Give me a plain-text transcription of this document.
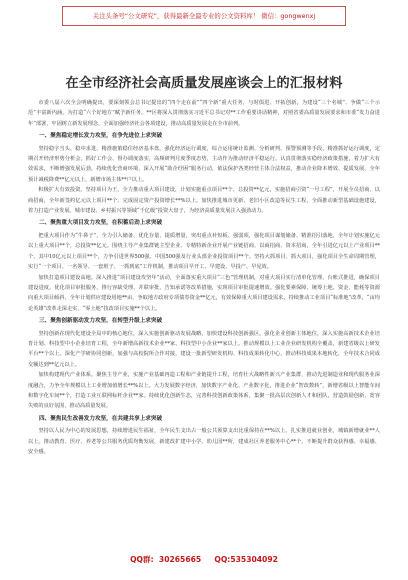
关注头条号“公文研究”，获得最新全最专业的公文资料库！ 微信：gongwenxj
在全市经济社会高质量发展座谈会上的汇报材料

市委八届六次全会明确提出，要深刻领会总书记提出的“四个走在前”“四个新”重大任务，与时俱进、开拓创新，为建设“三个名城”、争做“三个示范”丰富新内涵，为打造“六个好地方”赋予新任务。**区将深入贯彻落实习近平总书记对**工作重要讲话精神，对照省委高质量发展要求和市委“发力奋进年”部署，牢固树立新发展理念，全面加强经济社会各项建设，推动高质量发展走在全市前列。

一、聚焦稳定增长发力攻坚，在争先进位上求突破

坚持稳字当头、稳中求进，精准施策稳住经济基本盘。强化经济运行调度，综合运用统计监测、分析研判、预警预测等手段，精准抓好运行调度，定期召开经济形势分析会，抓好工作会、督办调度落实，高频研判月度季度态势，主动作为推动经济平稳运行。认真贯彻落实稳经济政策措施，着力扩大有效需求，不断增强发展后劲，持续优化营商环境，深入开展“助企纾困”服务行动，依法保护各类经营主体合法权益，推动企业降本增效、提质发展，全年预计减税降费**亿元以上，新增市场主体**户以上。

积极扩大有效投资。坚持项目为王，全力推动重大项目建设，计划实施重点项目**个、总投资**亿元，实施招商引资“一号工程”，开展全员招商、以商招商，全年新签约亿元以上项目**个、完成固定资产投资增长**%以上。加快推进城市更新、老旧小区改造等民生工程，全面推动新型基础设施建设，着力打造产业发展、城市建设、乡村振兴等领域“千亿级”投资大盘子，为经济高质量发展注入强劲动力。

二、聚焦重大项目发力攻坚，在积蓄后劲上求突破

把重大项目作为“牛鼻子”，全力引入储备、优化存量、提质增量，突出重点补短板、强弱项，强化项目谋划储备、精准招引落地，全年计划实施亿元以上重大项目**个，总投资**亿元。围绕主导产业集群链主型企业、专精特新企业开展产业链招商、以商招商、资本招商，全年引进亿元以上产业项目**个，其中10亿元以上项目**个，力争引进世界500强、中国500强及行业头部企业投资项目**个。坚持大抓项目、抓大项目，强化项目全生命周期管理，实行“一个项目、一名领导、一套班子、一抓到底”工作机制，推动项目早开工、早建设、早投产、早见效。

加快打造项目建设高地。深入推进“项目建设攻坚年”活动，全面落实重大项目“三色”管理机制，对重大项目实行清单化管理、台账式推进，确保项目建设进度。优化项目审批服务，推行容缺受理、并联审批、告知承诺等改革措施，实现项目审批提速增效。强化要素保障，统筹土地、资金、能耗等资源向重大项目倾斜，全年计划供应建设用地**亩，争取地方政府专项债券资金**亿元，有效保障重大项目建设需求。持续推动工业项目“标准地”改革，“亩均论英雄”改革走深走实，“零土地”技改项目实施**个以上。

三、聚焦创新驱动发力攻坚，在转型升级上求突破

坚持创新在现代化建设全局中的核心地位，深入实施创新驱动发展战略，加快建设科技创新强区。强化企业创新主体地位，深入实施高新技术企业培育计划、科技型中小企业培育工程，全年新增高新技术企业**家、科技型中小企业**家以上。推动规模以上工业企业研发机构全覆盖，新建省级以上研发平台**个以上。深化产学研协同创新，加强与高校院所合作对接，建设一批新型研发机构、科技成果转化中心，推动科技成果本地转化，全年技术合同成交额达到**亿元以上。

加快构建现代产业体系。聚焦主导产业，实施产业基础再造工程和产业链提升工程，培育壮大战略性新兴产业集群，推动先进制造业和现代服务业深度融合，力争全年规模以上工业增加值增长**%以上。大力发展数字经济，加快数字产业化、产业数字化，推进企业“智改数转”，新增省级以上智能车间和数字化车间**个，打造工业互联网标杆企业**家。持续优化创新生态，完善科技创新政策体系，集聚一批高层次创新人才和团队，营造鼓励创新、宽容失败的良好氛围，推动高质量发展。

四、聚焦民生改善发力攻坚，在共建共享上求突破

坚持以人民为中心的发展思想，持续增进民生福祉，全年民生支出占一般公共预算支出比重保持在**%以上。扎实推进就业创业，城镇新增就业**人以上。推动教育、医疗、养老等公共服务优质均衡发展，新建改扩建中小学、幼儿园**所，建成社区养老服务中心**个，不断提升群众获得感、幸福感、安全感。

QQ群:  30265665     QQ:535304092
